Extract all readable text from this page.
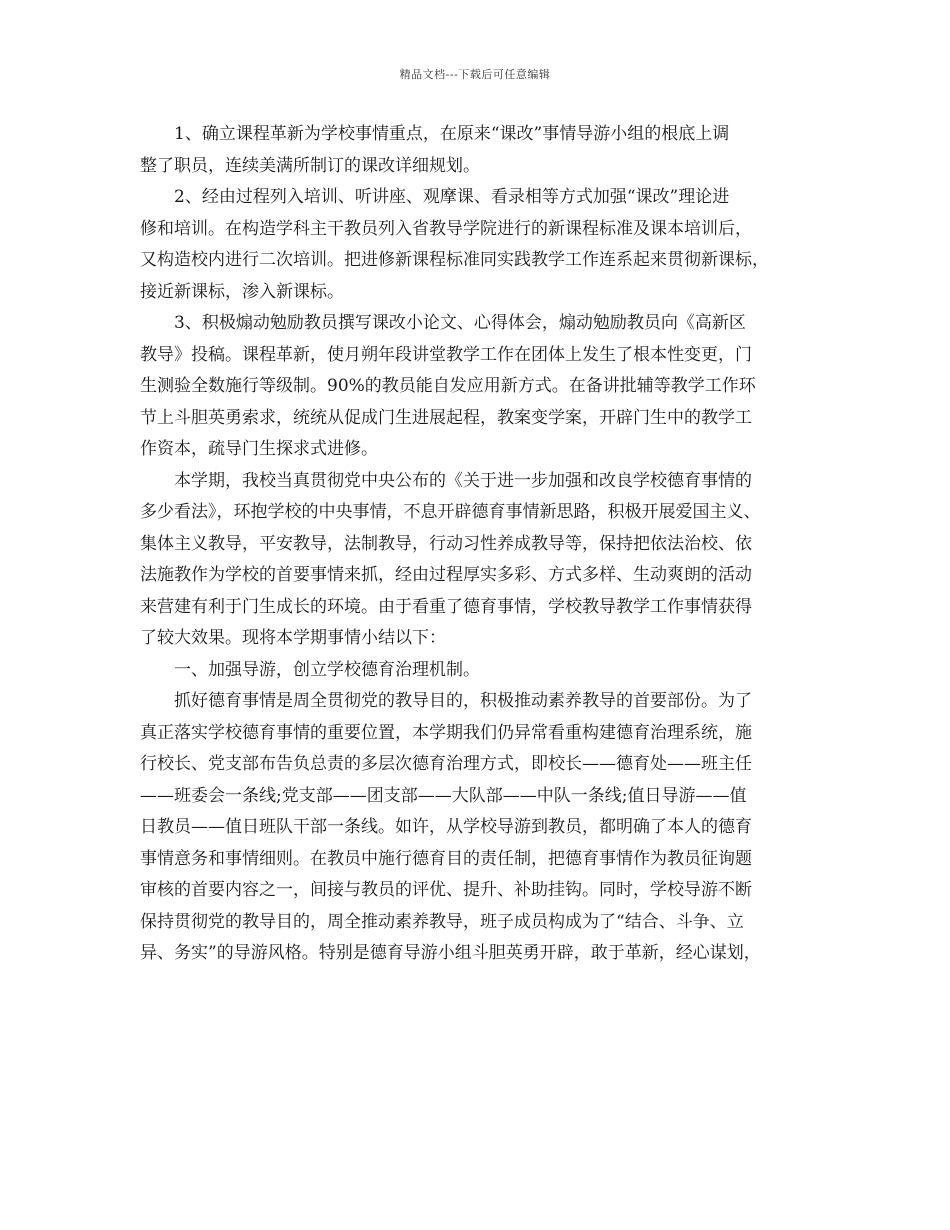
精品文档---下载后可任意编辑
1、确立课程革新为学校事情重点，在原来“课改”事情导游小组的根底上调
整了职员，连续美满所制订的课改详细规划。
2、经由过程列入培训、听讲座、观摩课、看录相等方式加强“课改”理论进
修和培训。在构造学科主干教员列入省教导学院进行的新课程标准及课本培训后，
又构造校内进行二次培训。把进修新课程标准同实践教学工作连系起来贯彻新课标，
接近新课标，渗入新课标。
3、积极煽动勉励教员撰写课改小论文、心得体会，煽动勉励教员向《高新区
教导》投稿。课程革新，使月朔年段讲堂教学工作在团体上发生了根本性变更，门
生测验全数施行等级制。90%的教员能自发应用新方式。在备讲批辅等教学工作环
节上斗胆英勇索求，统统从促成门生进展起程，教案变学案，开辟门生中的教学工
作资本，疏导门生探求式进修。
本学期，我校当真贯彻党中央公布的《关于进一步加强和改良学校德育事情的
多少看法》，环抱学校的中央事情，不息开辟德育事情新思路，积极开展爱国主义、
集体主义教导，平安教导，法制教导，行动习性养成教导等，保持把依法治校、依
法施教作为学校的首要事情来抓，经由过程厚实多彩、方式多样、生动爽朗的活动
来营建有利于门生成长的环境。由于看重了德育事情，学校教导教学工作事情获得
了较大效果。现将本学期事情小结以下：
一、加强导游，创立学校德育治理机制。
抓好德育事情是周全贯彻党的教导目的，积极推动素养教导的首要部份。为了
真正落实学校德育事情的重要位置，本学期我们仍异常看重构建德育治理系统，施
行校长、党支部布告负总责的多层次德育治理方式，即校长——德育处——班主任
——班委会一条线;党支部——团支部——大队部——中队一条线;值日导游——值
日教员——值日班队干部一条线。如许，从学校导游到教员，都明确了本人的德育
事情意务和事情细则。在教员中施行德育目的责任制，把德育事情作为教员征询题
审核的首要内容之一，间接与教员的评优、提升、补助挂钩。同时，学校导游不断
保持贯彻党的教导目的，周全推动素养教导，班子成员构成为了“结合、斗争、立
异、务实”的导游风格。特别是德育导游小组斗胆英勇开辟，敢于革新，经心谋划，
